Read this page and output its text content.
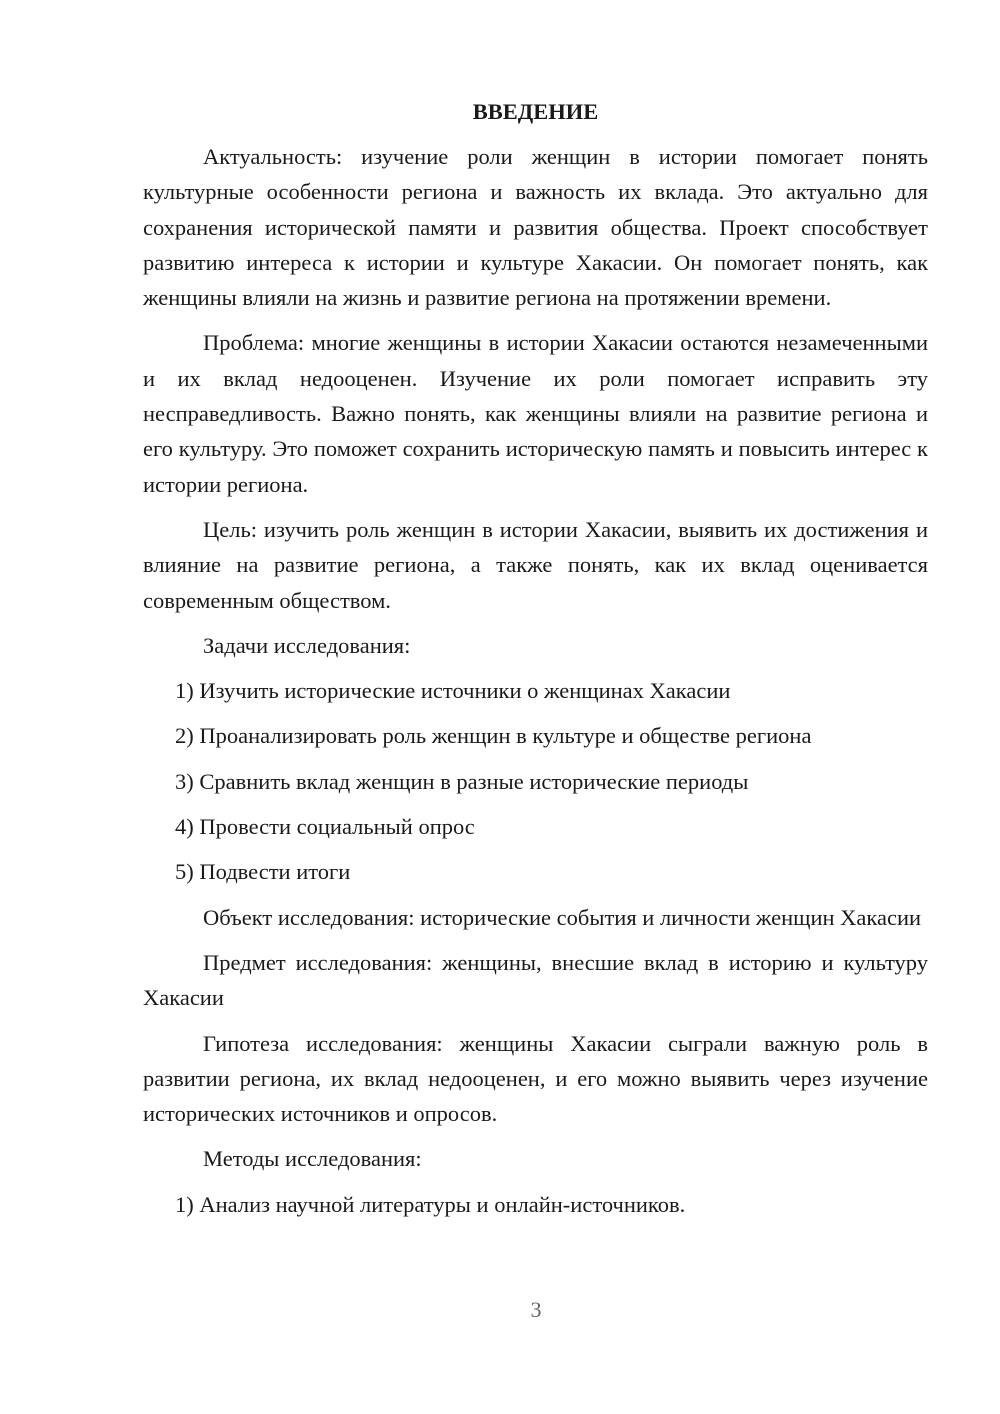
ВВЕДЕНИЕ
Актуальность: изучение роли женщин в истории помогает понять культурные особенности региона и важность их вклада. Это актуально для сохранения исторической памяти и развития общества. Проект способствует развитию интереса к истории и культуре Хакасии. Он помогает понять, как женщины влияли на жизнь и развитие региона на протяжении времени.
Проблема: многие женщины в истории Хакасии остаются незамеченными и их вклад недооценен. Изучение их роли помогает исправить эту несправедливость. Важно понять, как женщины влияли на развитие региона и его культуру. Это поможет сохранить историческую память и повысить интерес к истории региона.
Цель: изучить роль женщин в истории Хакасии, выявить их достижения и влияние на развитие региона, а также понять, как их вклад оценивается современным обществом.
Задачи исследования:
1) Изучить исторические источники о женщинах Хакасии
2) Проанализировать роль женщин в культуре и обществе региона
3) Сравнить вклад женщин в разные исторические периоды
4) Провести социальный опрос
5) Подвести итоги
Объект исследования: исторические события и личности женщин Хакасии
Предмет исследования: женщины, внесшие вклад в историю и культуру Хакасии
Гипотеза исследования: женщины Хакасии сыграли важную роль в развитии региона, их вклад недооценен, и его можно выявить через изучение исторических источников и опросов.
Методы исследования:
1) Анализ научной литературы и онлайн-источников.
3
